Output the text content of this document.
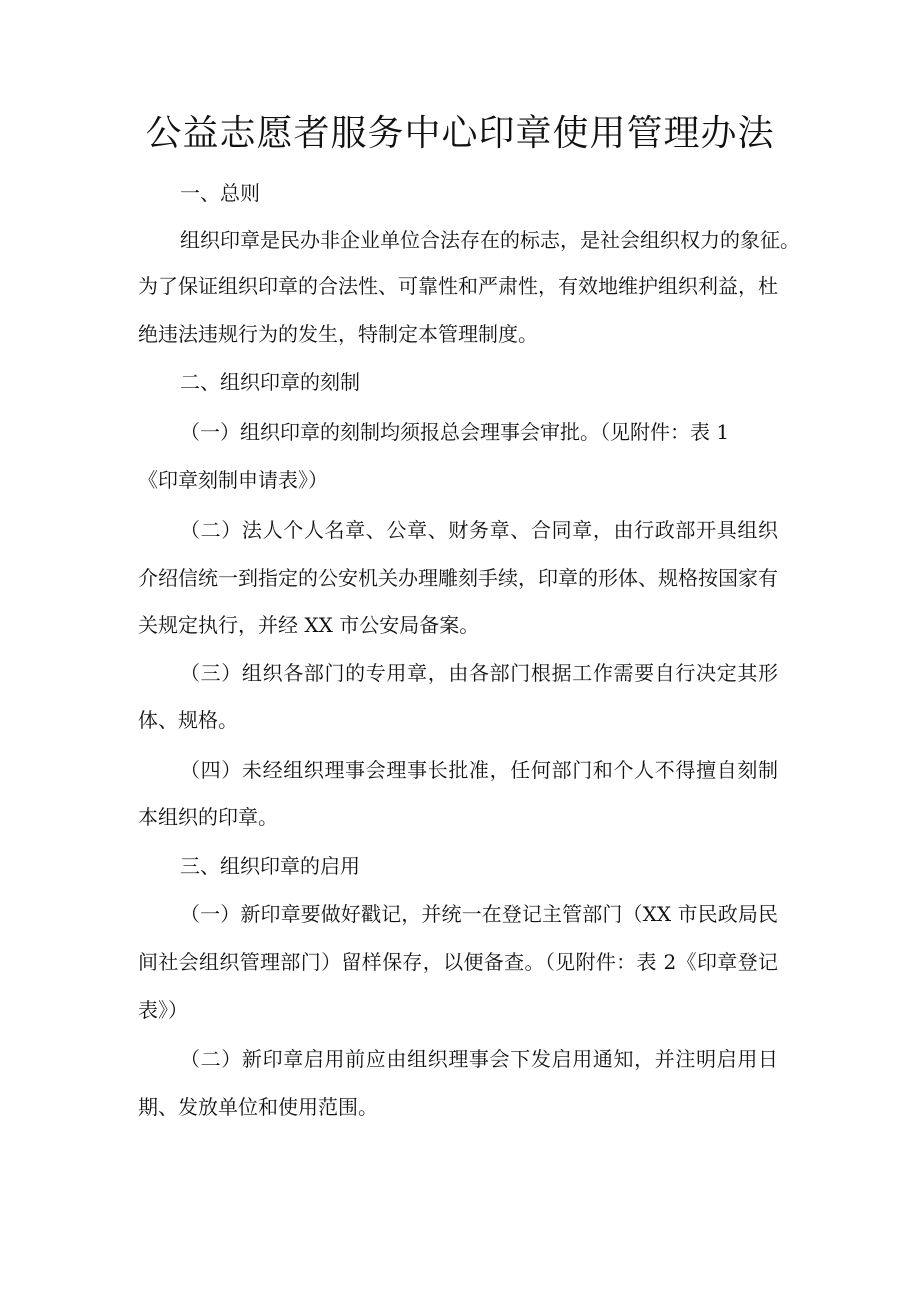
公益志愿者服务中心印章使用管理办法
一、总则
组织印章是民办非企业单位合法存在的标志，是社会组织权力的象征。
为了保证组织印章的合法性、可靠性和严肃性，有效地维护组织利益，杜
绝违法违规行为的发生，特制定本管理制度。
二、组织印章的刻制
（一）组织印章的刻制均须报总会理事会审批。（见附件：表 1
《印章刻制申请表》）
（二）法人个人名章、公章、财务章、合同章，由行政部开具组织
介绍信统一到指定的公安机关办理雕刻手续，印章的形体、规格按国家有
关规定执行，并经 XX 市公安局备案。
（三）组织各部门的专用章，由各部门根据工作需要自行决定其形
体、规格。
（四）未经组织理事会理事长批准，任何部门和个人不得擅自刻制
本组织的印章。
三、组织印章的启用
（一）新印章要做好戳记，并统一在登记主管部门（XX 市民政局民
间社会组织管理部门）留样保存，以便备查。（见附件：表 2《印章登记
表》）
（二）新印章启用前应由组织理事会下发启用通知，并注明启用日
期、发放单位和使用范围。
